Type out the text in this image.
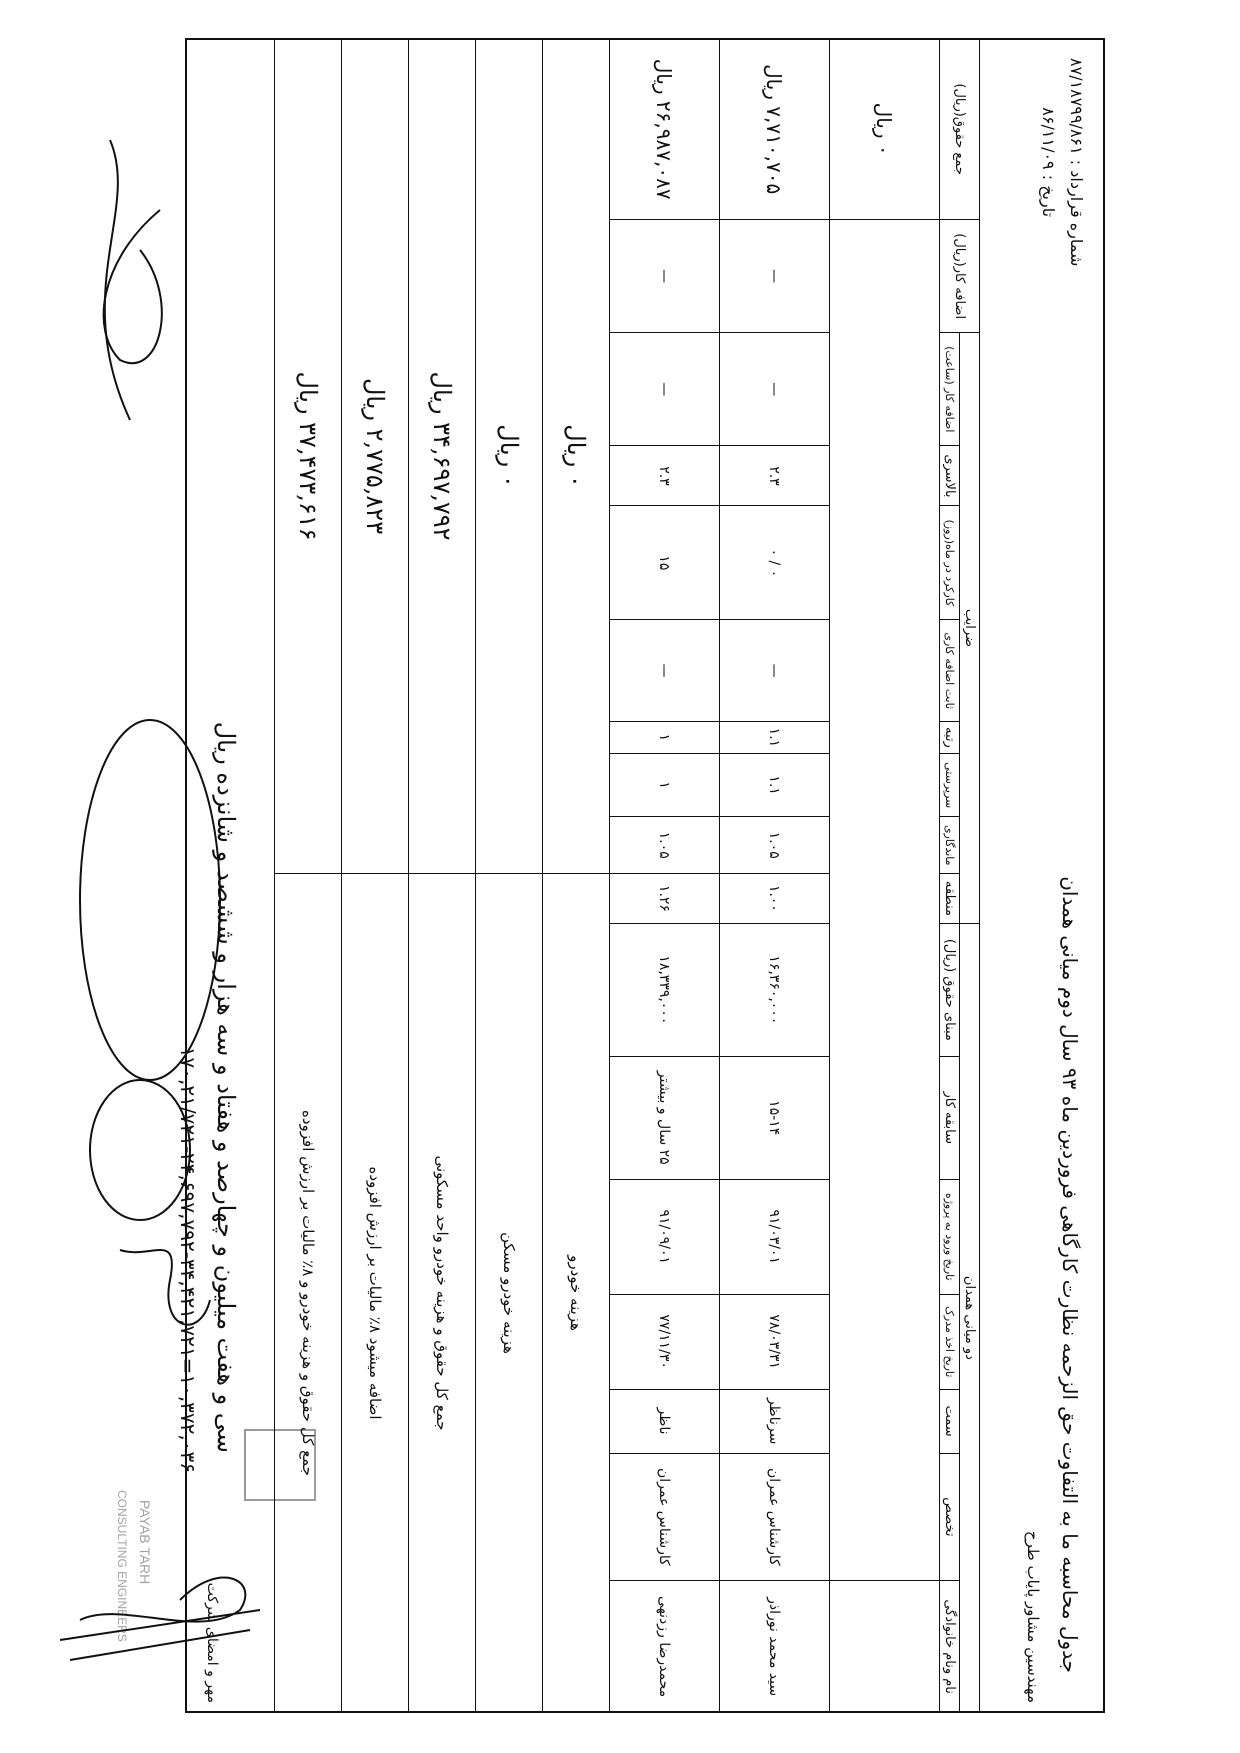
PAYAB TARH
CONSULTING ENGINEERS
جدول محاسبه ما به التفاوت حق الزحمه نظارت کارگاهی فروردین ماه ۹۳ سال دوم میانی همدان
مهندسین مشاور پایاب طرح
شماره قرارداد : ۸۷/۱۸۷۹۹/۸۶۱
تاریخ : ۸۶/۱۱/۰۹
دو میانی همدان							ضرایب								اضافه کار(ریال)	جمع حقوق(ریال)
نام ونام خانوادگی	تخصص	سمت	تاریخ اخذ مدرک	تاریخ ورود به پروژه	سابقه کار	مبنای حقوق (ریال)	منطقه	ماندگاری	سرپرستی	رتبه	ثابت اضافه کاری	کارکرد در ماه(روز)	بالاسری	اضافه کار (ساعت)		
																۰ ریال
سید محمد نوراذر	کارشناس عمران	سرناظر	۷۸/۰۳/۳۱	۹۱/۰۳/۰۱	۱۵-۱۴	۱۶,۳۶۰,۰۰۰	۱.۰۰	۱.۰۵	۱.۱	۱.۱	—	۰ / ۰	۲.۳	—	—	۷,۷۱۰,۷۰۵ ریال
محمدرضا رزدنهی	کارشناس عمران	ناظر	۷۷/۱۱/۳۰	۹۱/۰۹/۰۱	۲۵ سال و بیشتر	۱۸,۳۳۹,۰۰۰	۱.۲۶	۱.۰۵	۱	۱	—	۱۵	۲.۳	—	—	۲۶,۹۸۷,۰۸۷ ریال
هزینه خودرو								۰ ریال								
هزینه خودرو مسکن								۰ ریال								
جمع کل حقوق و هزینه خودرو واحد مسکونی								۳۴,۶۹۷,۷۹۲ ریال								
اضافه میشود ۸٪ مالیات بر ارزش افزوده								۲,۷۷۵,۸۲۳ ریال								
جمع کل حقوق و هزینه خودرو و ۸٪ مالیات بر ارزش افزوده								۳۷,۴۷۳,۶۱۶ ریال								
سی و هفت میلیون و چهارصد و هفتاد و سه هزار و ششصد و شانزده ریال
۱۰,۳۷۲,۰۳۶=۱۷۰,۲۱/۷۲۱-۲۴,۶۹۷,۷۹۲-۳۴,۴۲۱,۷۲۱
مهر و امضای شرکت
